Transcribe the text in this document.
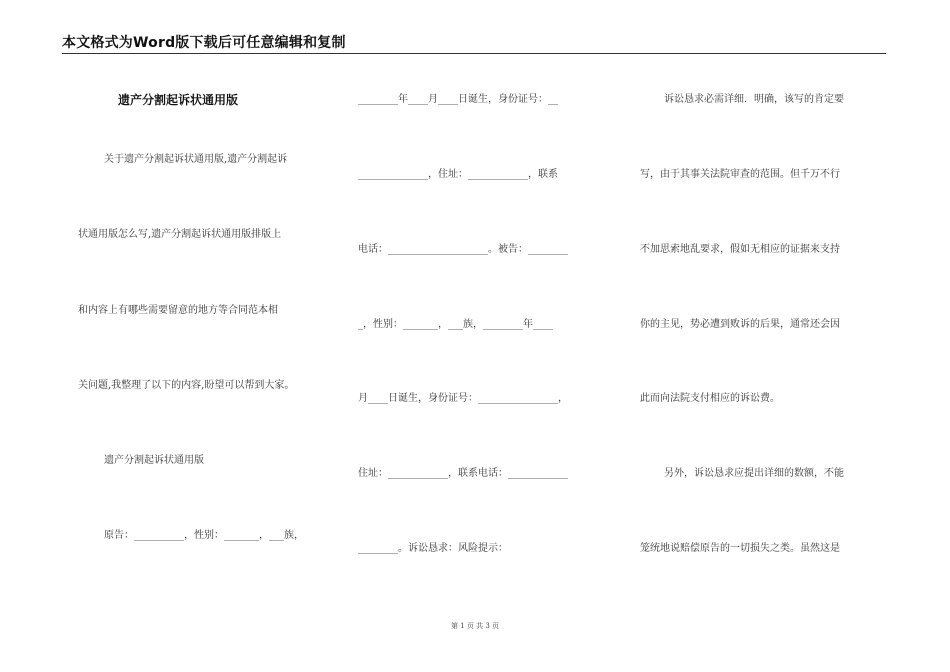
本文格式为Word版下载后可任意编辑和复制
遗产分割起诉状通用版
关于遗产分割起诉状通用版,遗产分割起诉
状通用版怎么写,遗产分割起诉状通用版排版上
和内容上有哪些需要留意的地方等合同范本相
关问题,我整理了以下的内容,盼望可以帮到大家。
遗产分割起诉状通用版
原告：__________，性别：_______，___族，
________年____月____日诞生，身份证号：__
______________，住址：____________，联系
电话：____________________。被告：________
_，性别：_______，___族，________年____
月____日诞生，身份证号：________________，
住址：____________，联系电话：____________
________。诉讼恳求：风险提示：
诉讼恳求必需详细．明确，该写的肯定要
写，由于其事关法院审查的范围。但千万不行
不加思索地乱要求，假如无相应的证据来支持
你的主见，势必遭到败诉的后果，通常还会因
此而向法院支付相应的诉讼费。
另外，诉讼恳求应提出详细的数额，不能
笼统地说赔偿原告的一切损失之类。虽然这是
第 1 页 共 3 页
